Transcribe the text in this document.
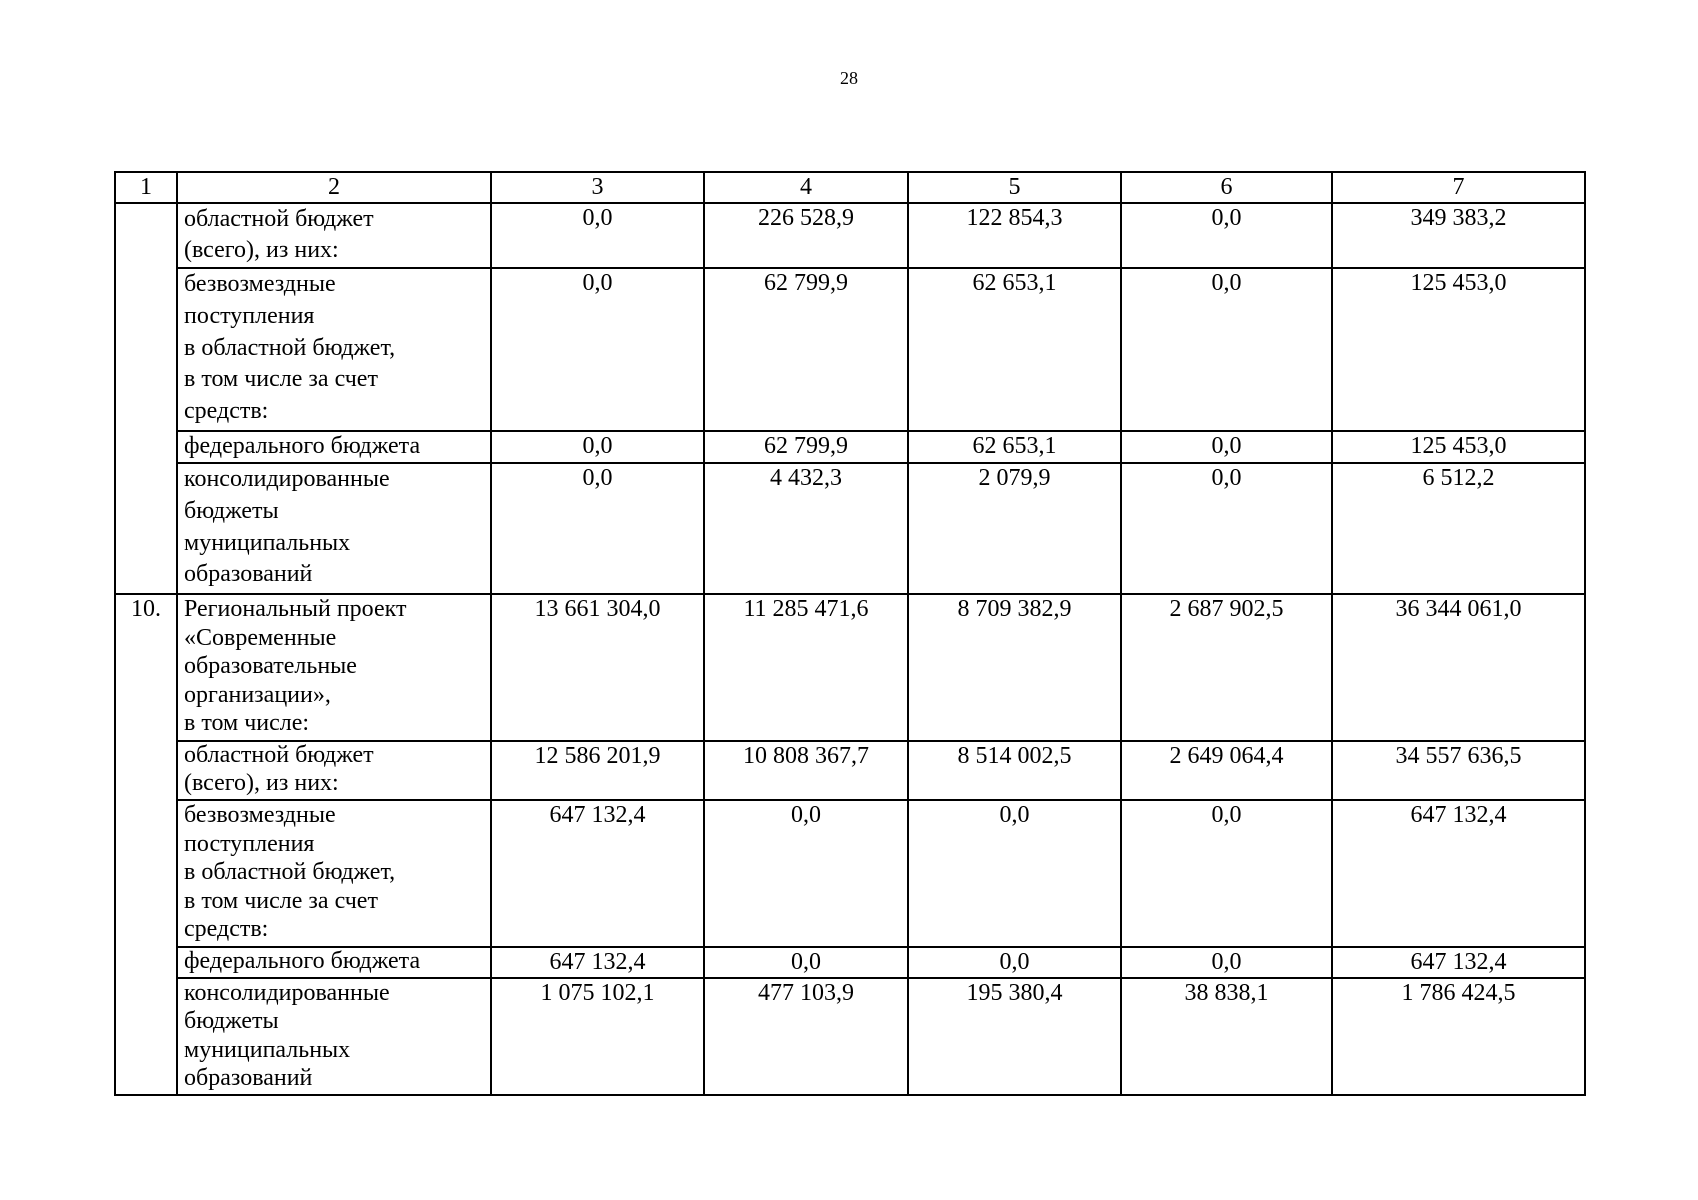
28
1	2	3	4	5	6	7

	областной бюджет
(всего), из них:	0,0	226 528,9	122 854,3	0,0	349 383,2

	безвозмездные
поступления
в областной бюджет,
в том числе за счет
средств:	0,0	62 799,9	62 653,1	0,0	125 453,0

	федерального бюджета	0,0	62 799,9	62 653,1	0,0	125 453,0

	консолидированные
бюджеты
муниципальных
образований	0,0	4 432,3	2 079,9	0,0	6 512,2
10.	Региональный проект
«Современные
образовательные
организации»,
в том числе:	13 661 304,0	11 285 471,6	8 709 382,9	2 687 902,5	36 344 061,0

	областной бюджет
(всего), из них:	12 586 201,9	10 808 367,7	8 514 002,5	2 649 064,4	34 557 636,5

	безвозмездные
поступления
в областной бюджет,
в том числе за счет
средств:	647 132,4	0,0	0,0	0,0	647 132,4

	федерального бюджета	647 132,4	0,0	0,0	0,0	647 132,4

	консолидированные
бюджеты
муниципальных
образований	1 075 102,1	477 103,9	195 380,4	38 838,1	1 786 424,5
